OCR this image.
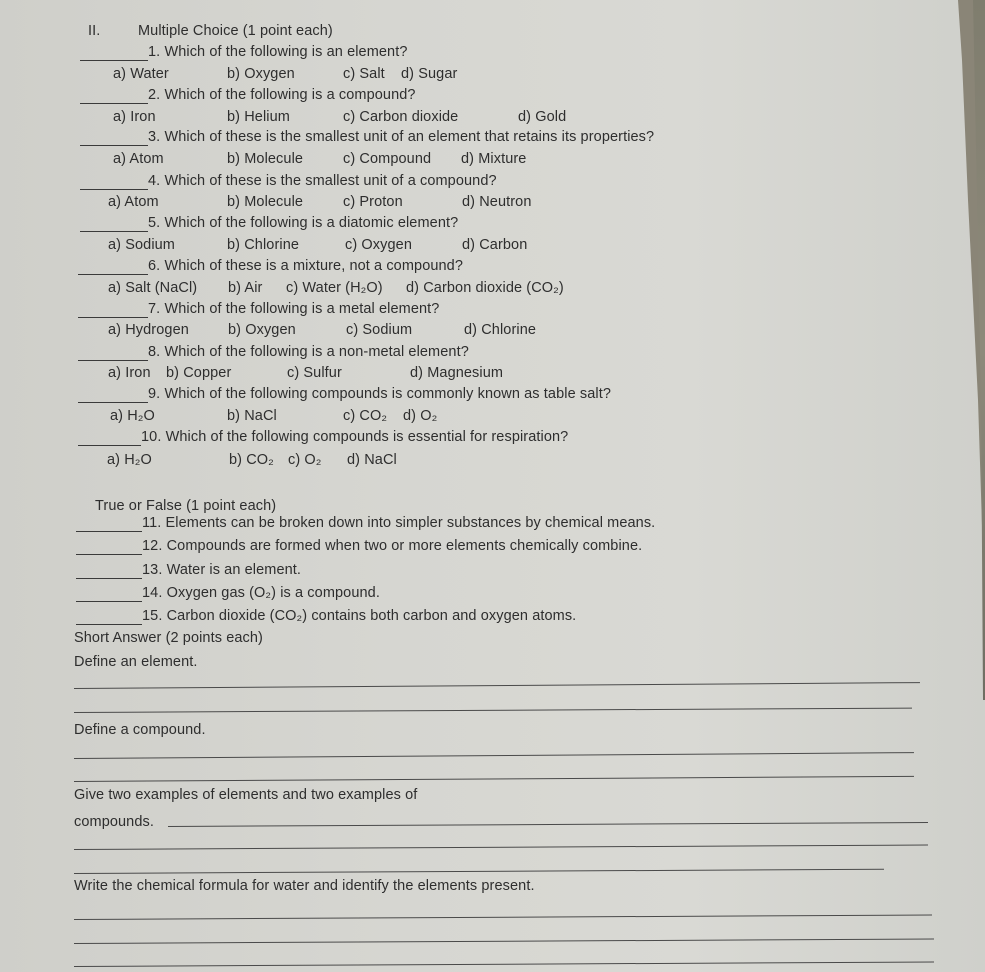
II.	Multiple Choice (1 point each)
1. Which of the following is an element?
a) Water	b) Oxygen	c) Salt d) Sugar
2. Which of the following is a compound?
a) Iron	b) Helium	c) Carbon dioxide	d) Gold
3. Which of these is the smallest unit of an element that retains its properties?
a) Atom	b) Molecule	c) Compound d) Mixture
4. Which of these is the smallest unit of a compound?
a) Atom	b) Molecule	c) Proton	d) Neutron
5. Which of the following is a diatomic element?
a) Sodium	b) Chlorine	c) Oxygen	d) Carbon
6. Which of these is a mixture, not a compound?
a) Salt (NaCl) b) Air c) Water (H₂O) d) Carbon dioxide (CO₂)
7. Which of the following is a metal element?
a) Hydrogen	b) Oxygen	c) Sodium	d) Chlorine
8. Which of the following is a non-metal element?
a) Iron b) Copper	c) Sulfur	d) Magnesium
9. Which of the following compounds is commonly known as table salt?
a) H₂O	b) NaCl	c) CO₂ d) O₂
10. Which of the following compounds is essential for respiration?
a) H₂O	b) CO₂ c) O₂ d) NaCl
True or False (1 point each)
11. Elements can be broken down into simpler substances by chemical means.
12. Compounds are formed when two or more elements chemically combine.
13. Water is an element.
14. Oxygen gas (O₂) is a compound.
15. Carbon dioxide (CO₂) contains both carbon and oxygen atoms.
Short Answer (2 points each)
Define an element.
Define a compound.
Give two examples of elements and two examples of
compounds.
Write the chemical formula for water and identify the elements present.
